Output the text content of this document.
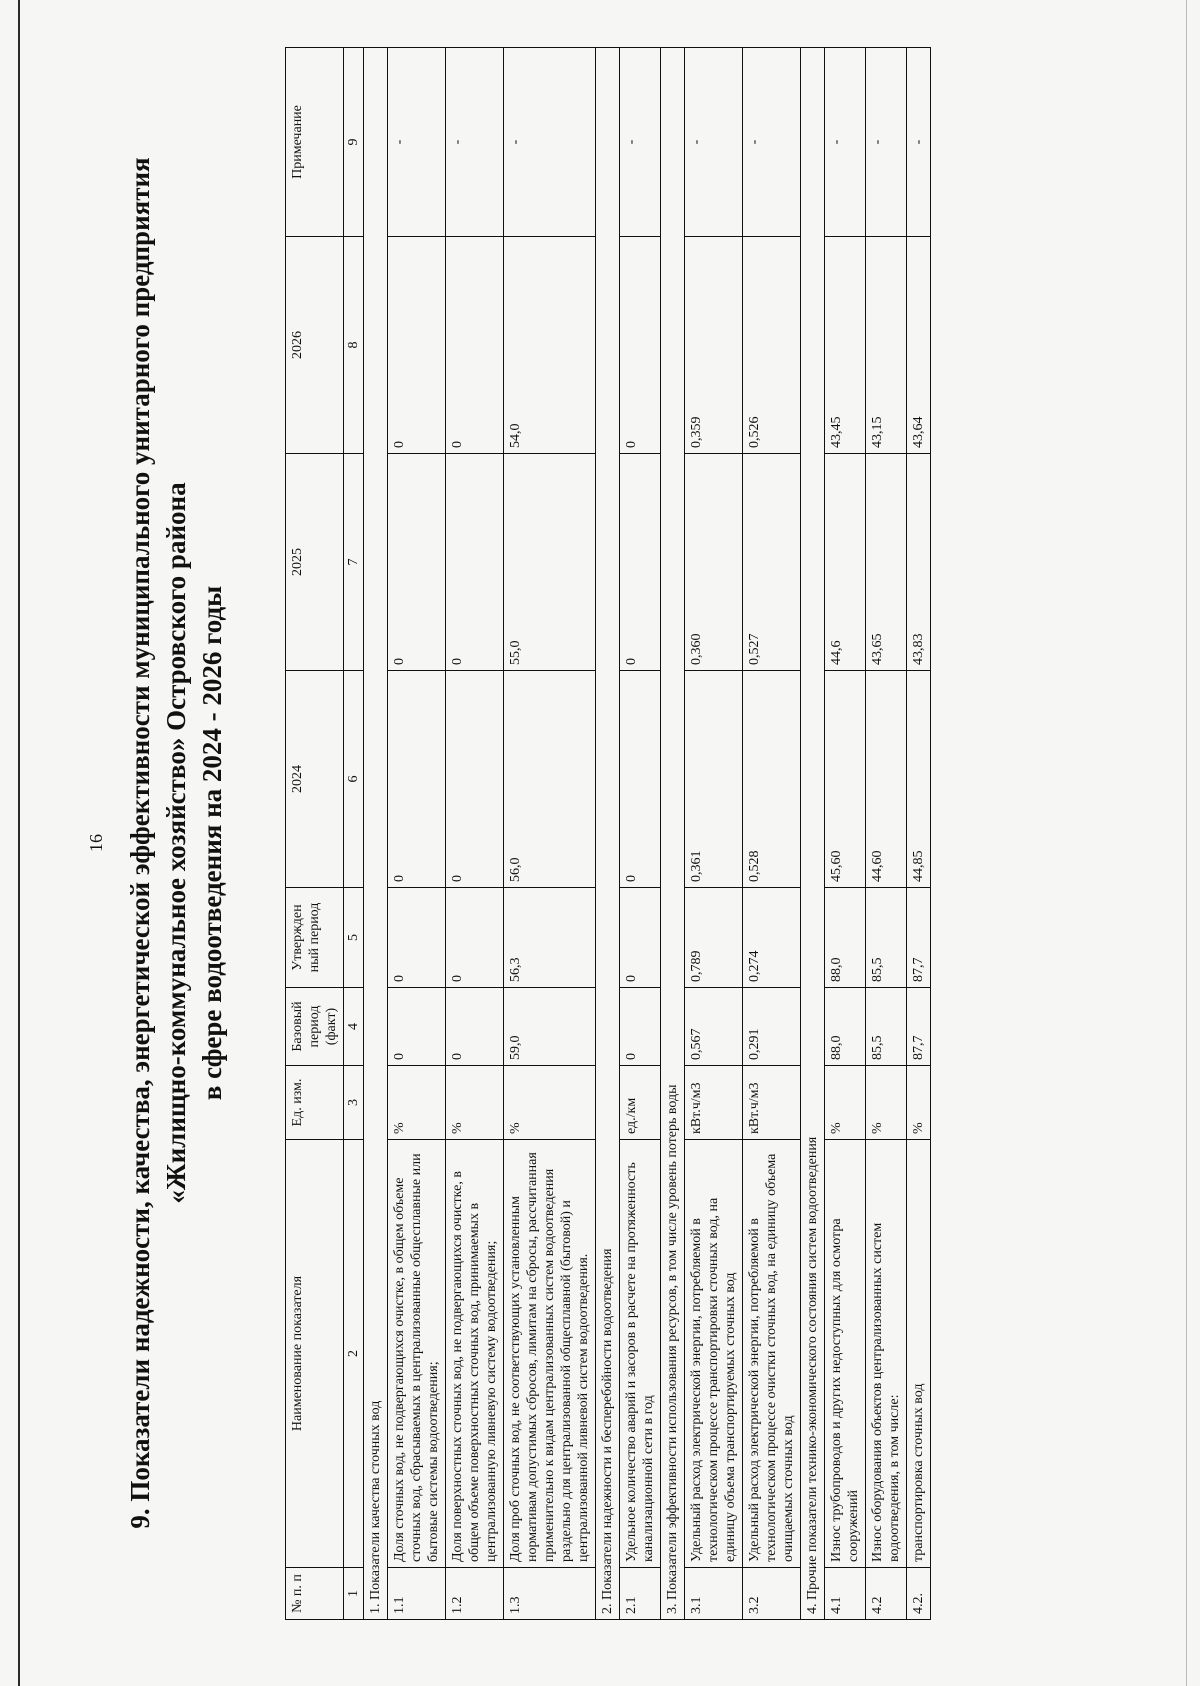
16 9. Показатели надежности, качества, энергетической эффективности муниципального унитарного предприятия «Жилищно-коммунальное хозяйство» Островского района в сфере водоотведения на 2024 - 2026 годы
№ п. п	Наименование показателя	Ед. изм.	Базовый период (факт)	Утвержден ный период	2024	2025	2026	Примечание
1	2	3	4	5	6	7	8	9
1. Показатели качества сточных вод								
1.1	Доля сточных вод, не подвергающихся очистке, в общем объеме сточных вод, сбрасываемых в централизованные общесплавные или бытовые системы водоотведения;	%	0	0	0	0	0	-
1.2	Доля поверхностных сточных вод, не подвергающихся очистке, в общем объеме поверхностных сточных вод, принимаемых в централизованную ливневую систему водоотведения;	%	0	0	0	0	0	-
1.3	Доля проб сточных вод, не соответствующих установленным нормативам допустимых сбросов, лимитам на сбросы, рассчитанная применительно к видам централизованных систем водоотведения раздельно для централизованной общесплавной (бытовой) и централизованной ливневой систем водоотведения.	%	59,0	56,3	56,0	55,0	54,0	-
2. Показатели надежности и бесперебойности водоотведения								
2.1	Удельное количество аварий и засоров в расчете на протяженность канализационной сети в год	ед./км	0	0	0	0	0	-
3. Показатели эффективности использования ресурсов, в том числе уровень потерь воды								
3.1	Удельный расход электрической энергии, потребляемой в технологическом процессе транспортировки сточных вод, на единицу объема транспортируемых сточных вод	кВт.ч/м3	0,567	0,789	0,361	0,360	0,359	-
3.2	Удельный расход электрической энергии, потребляемой в технологическом процессе очистки сточных вод, на единицу объема очищаемых сточных вод	кВт.ч/м3	0,291	0,274	0,528	0,527	0,526	-
4. Прочие показатели технико-экономического состояния систем водоотведения								
4.1	Износ трубопроводов и других недоступных для осмотра сооружений	%	88,0	88,0	45,60	44,6	43,45	-
4.2	Износ оборудования объектов централизованных систем водоотведения, в том числе:	%	85,5	85,5	44,60	43,65	43,15	-
4.2.	транспортировка сточных вод	%	87,7	87,7	44,85	43,83	43,64	-
